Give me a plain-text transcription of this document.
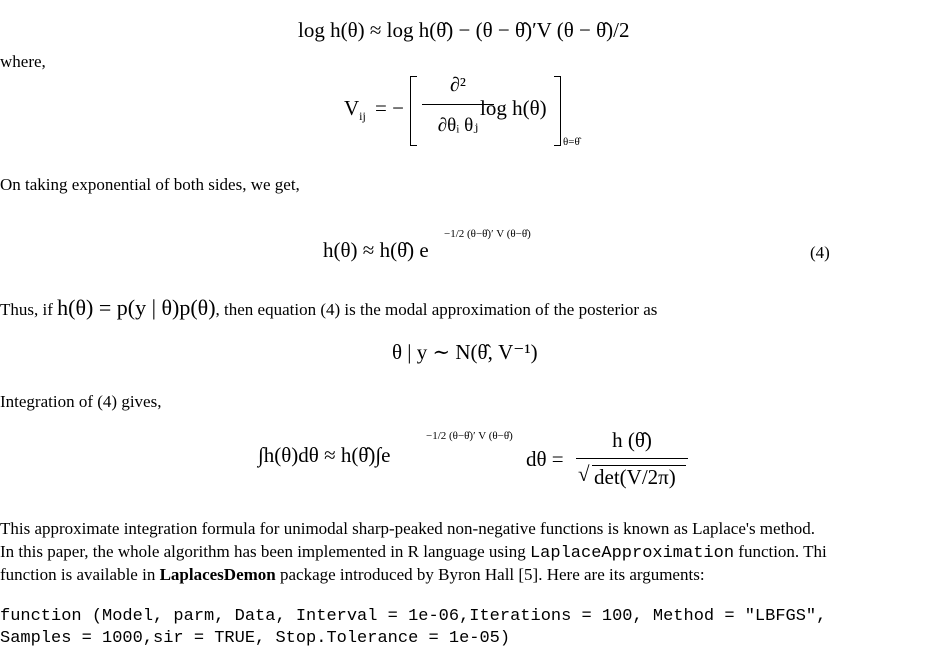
log h(θ) ≈ log h(θ̂) − (θ − θ̂)′V (θ − θ̂)/2
where,
$V_{ij}$ = −
∂²
∂θᵢ θⱼ
log h(θ)
θ=θ̂
On taking exponential of both sides, we get,
h(θ) ≈ h(θ̂) e
−1/2 (θ−θ̂)′ V (θ−θ̂)
(4)
Thus, if h(θ) = p(y | θ)p(θ), then equation (4) is the modal approximation of the posterior as
θ | y ∼ N(θ̂, V⁻¹)
Integration of (4) gives,
∫h(θ)dθ ≈ h(θ̂)∫e
−1/2 (θ−θ̂)′ V (θ−θ̂)
dθ =
h (θ̂)
√ det(V/2π)
This approximate integration formula for unimodal sharp-peaked non-negative functions is known as Laplace's method.
In this paper, the whole algorithm has been implemented in R language using LaplaceApproximation function. Thi
function is available in LaplacesDemon package introduced by Byron Hall [5]. Here are its arguments:
function (Model, parm, Data, Interval = 1e-06,Iterations = 100, Method = "LBFGS",
Samples = 1000,sir = TRUE, Stop.Tolerance = 1e-05)
